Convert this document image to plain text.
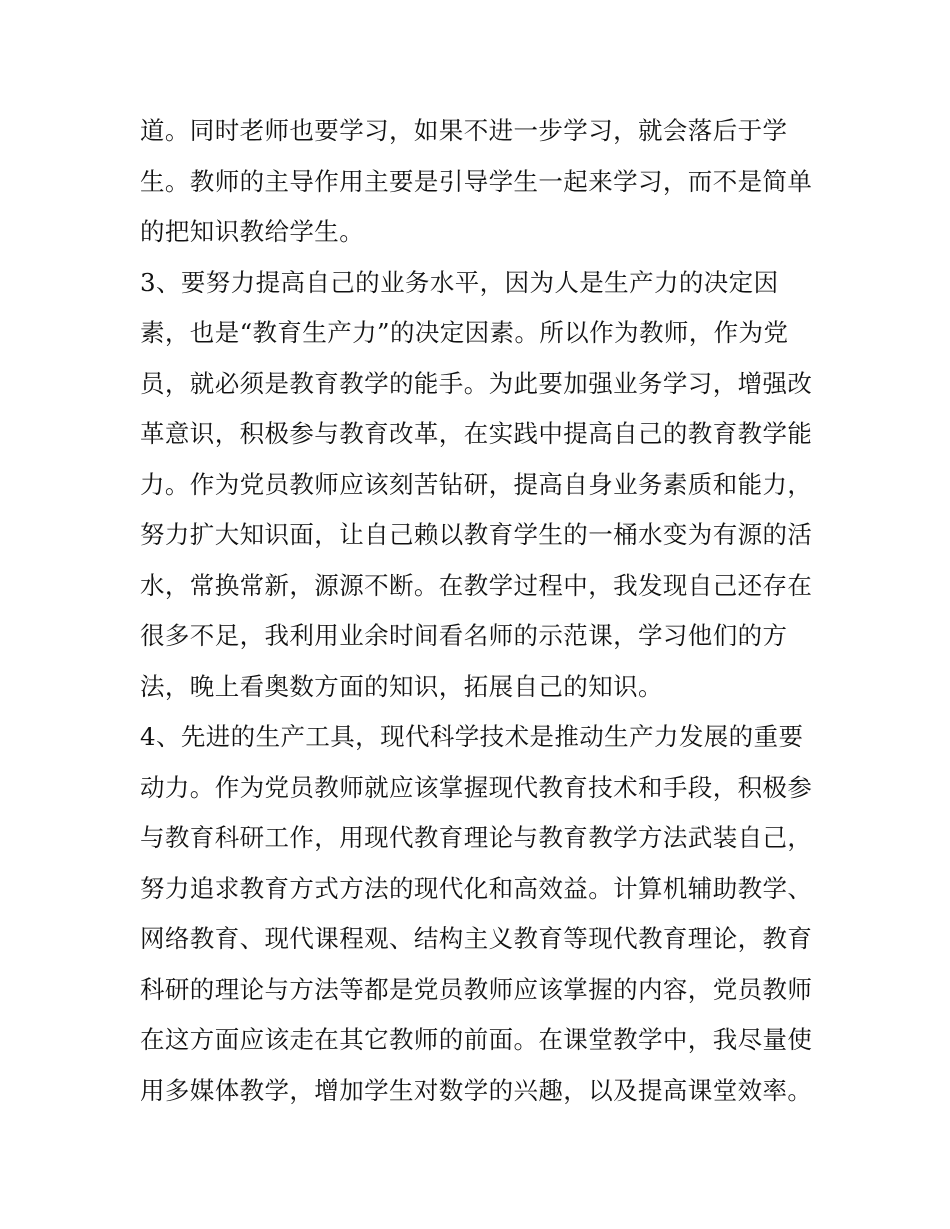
道。同时老师也要学习，如果不进一步学习，就会落后于学
生。教师的主导作用主要是引导学生一起来学习，而不是简单
的把知识教给学生。
3、要努力提高自己的业务水平，因为人是生产力的决定因
素，也是“教育生产力”的决定因素。所以作为教师，作为党
员，就必须是教育教学的能手。为此要加强业务学习，增强改
革意识，积极参与教育改革，在实践中提高自己的教育教学能
力。作为党员教师应该刻苦钻研，提高自身业务素质和能力，
努力扩大知识面，让自己赖以教育学生的一桶水变为有源的活
水，常换常新，源源不断。在教学过程中，我发现自己还存在
很多不足，我利用业余时间看名师的示范课，学习他们的方
法，晚上看奥数方面的知识，拓展自己的知识。
4、先进的生产工具，现代科学技术是推动生产力发展的重要
动力。作为党员教师就应该掌握现代教育技术和手段，积极参
与教育科研工作，用现代教育理论与教育教学方法武装自己，
努力追求教育方式方法的现代化和高效益。计算机辅助教学、
网络教育、现代课程观、结构主义教育等现代教育理论，教育
科研的理论与方法等都是党员教师应该掌握的内容，党员教师
在这方面应该走在其它教师的前面。在课堂教学中，我尽量使
用多媒体教学，增加学生对数学的兴趣，以及提高课堂效率。
